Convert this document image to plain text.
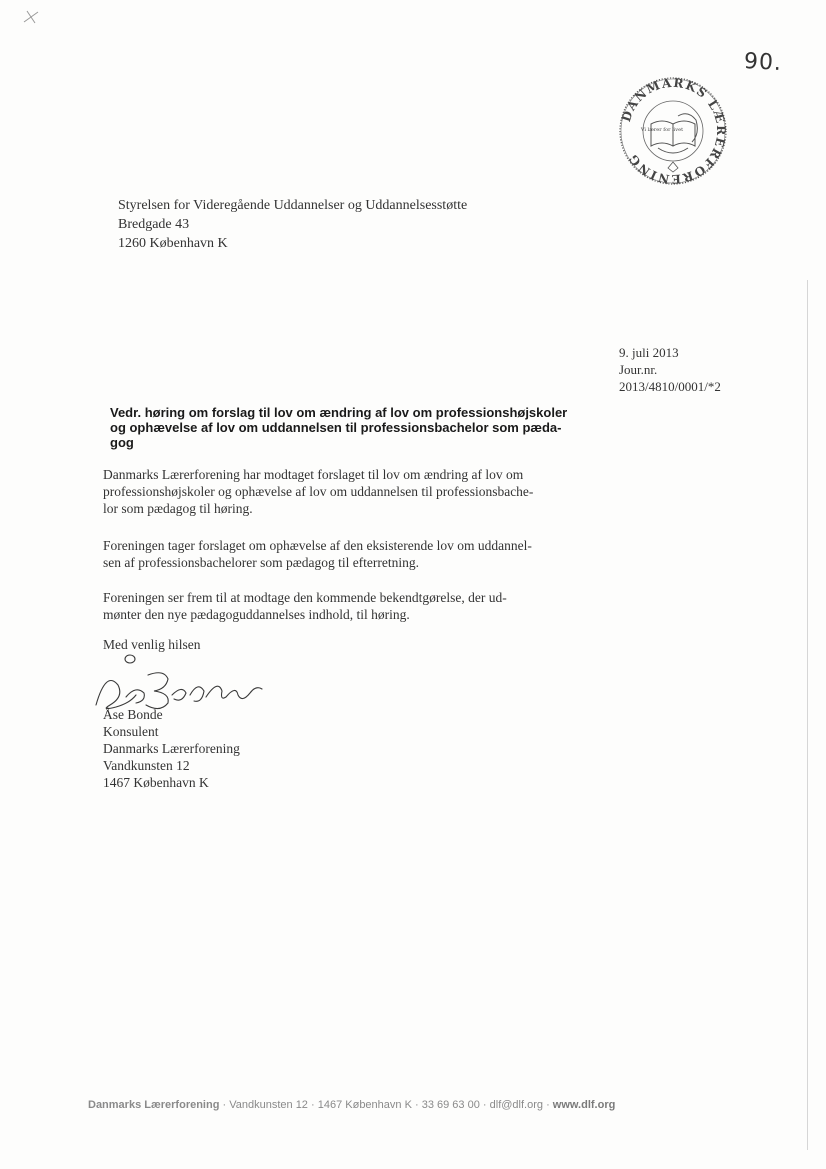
90.
DANMARKS LÆRERFORENING
Vi lærer for livet
Styrelsen for Videregående Uddannelser og Uddannelsesstøtte
Bredgade 43
1260 København K
9. juli 2013
Jour.nr.
2013/4810/0001/*2
Vedr. høring om forslag til lov om ændring af lov om professionshøjskoler
og ophævelse af lov om uddannelsen til professionsbachelor som pæda-
gog
Danmarks Lærerforening har modtaget forslaget til lov om ændring af lov om
professionshøjskoler og ophævelse af lov om uddannelsen til professionsbache-
lor som pædagog til høring.
Foreningen tager forslaget om ophævelse af den eksisterende lov om uddannel-
sen af professionsbachelorer som pædagog til efterretning.
Foreningen ser frem til at modtage den kommende bekendtgørelse, der ud-
mønter den nye pædagoguddannelses indhold, til høring.
Med venlig hilsen
Åse Bonde
Konsulent
Danmarks Lærerforening
Vandkunsten 12
1467 København K
Danmarks Lærerforening · Vandkunsten 12 · 1467 København K · 33 69 63 00 · dlf@dlf.org · www.dlf.org
